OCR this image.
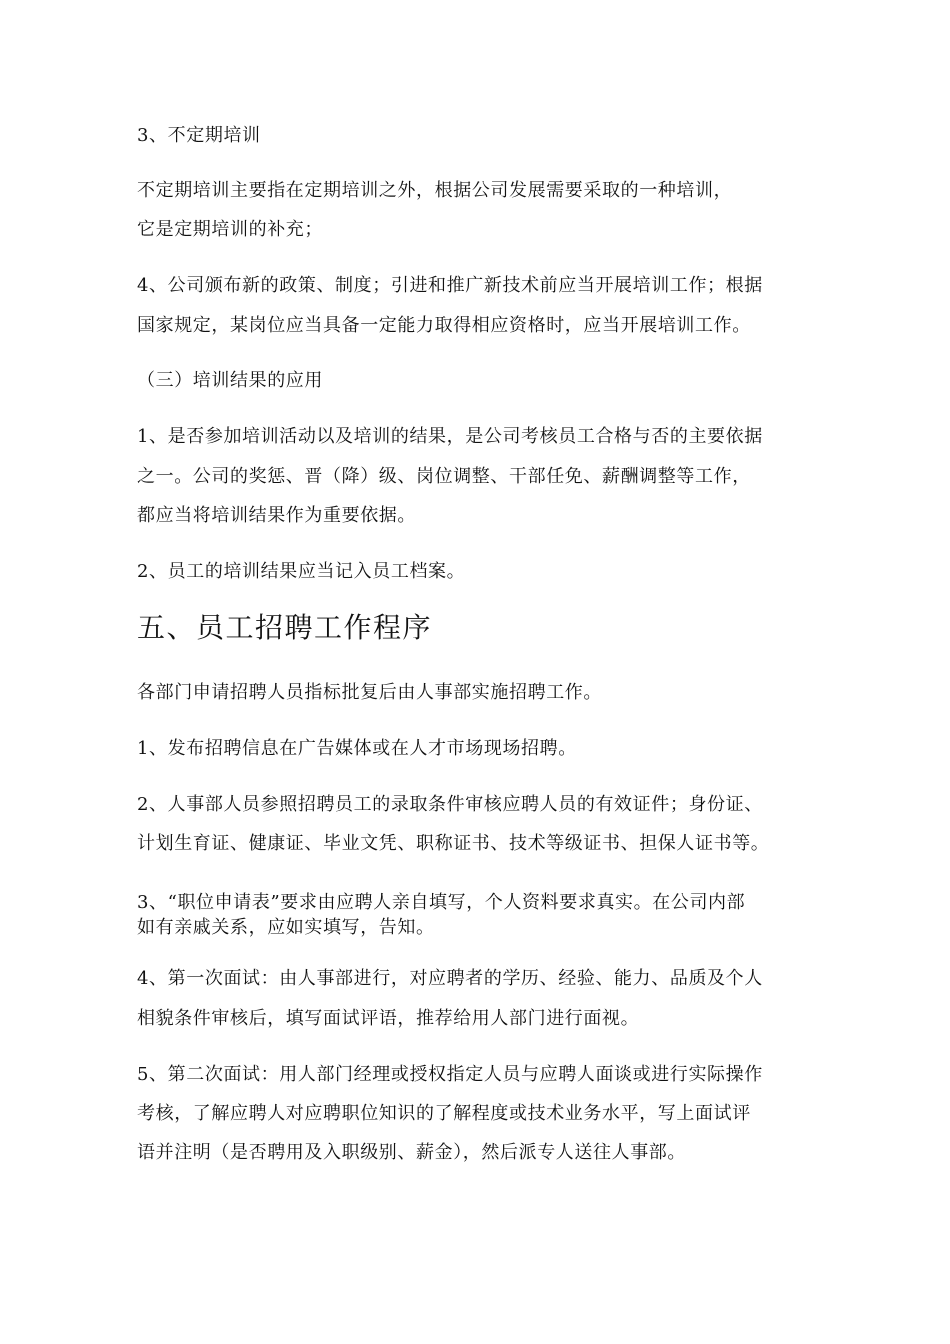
3、不定期培训
不定期培训主要指在定期培训之外，根据公司发展需要采取的一种培训，
它是定期培训的补充；
4、公司颁布新的政策、制度；引进和推广新技术前应当开展培训工作；根据
国家规定，某岗位应当具备一定能力取得相应资格时，应当开展培训工作。
（三）培训结果的应用
1、是否参加培训活动以及培训的结果，是公司考核员工合格与否的主要依据
之一。公司的奖惩、晋（降）级、岗位调整、干部任免、薪酬调整等工作，
都应当将培训结果作为重要依据。
2、员工的培训结果应当记入员工档案。
五、员工招聘工作程序
各部门申请招聘人员指标批复后由人事部实施招聘工作。
1、发布招聘信息在广告媒体或在人才市场现场招聘。
2、人事部人员参照招聘员工的录取条件审核应聘人员的有效证件；身份证、
计划生育证、健康证、毕业文凭、职称证书、技术等级证书、担保人证书等。
3、“职位申请表”要求由应聘人亲自填写，个人资料要求真实。在公司内部
如有亲戚关系，应如实填写，告知。
4、第一次面试：由人事部进行，对应聘者的学历、经验、能力、品质及个人
相貌条件审核后，填写面试评语，推荐给用人部门进行面视。
5、第二次面试：用人部门经理或授权指定人员与应聘人面谈或进行实际操作
考核，了解应聘人对应聘职位知识的了解程度或技术业务水平，写上面试评
语并注明（是否聘用及入职级别、薪金），然后派专人送往人事部。
